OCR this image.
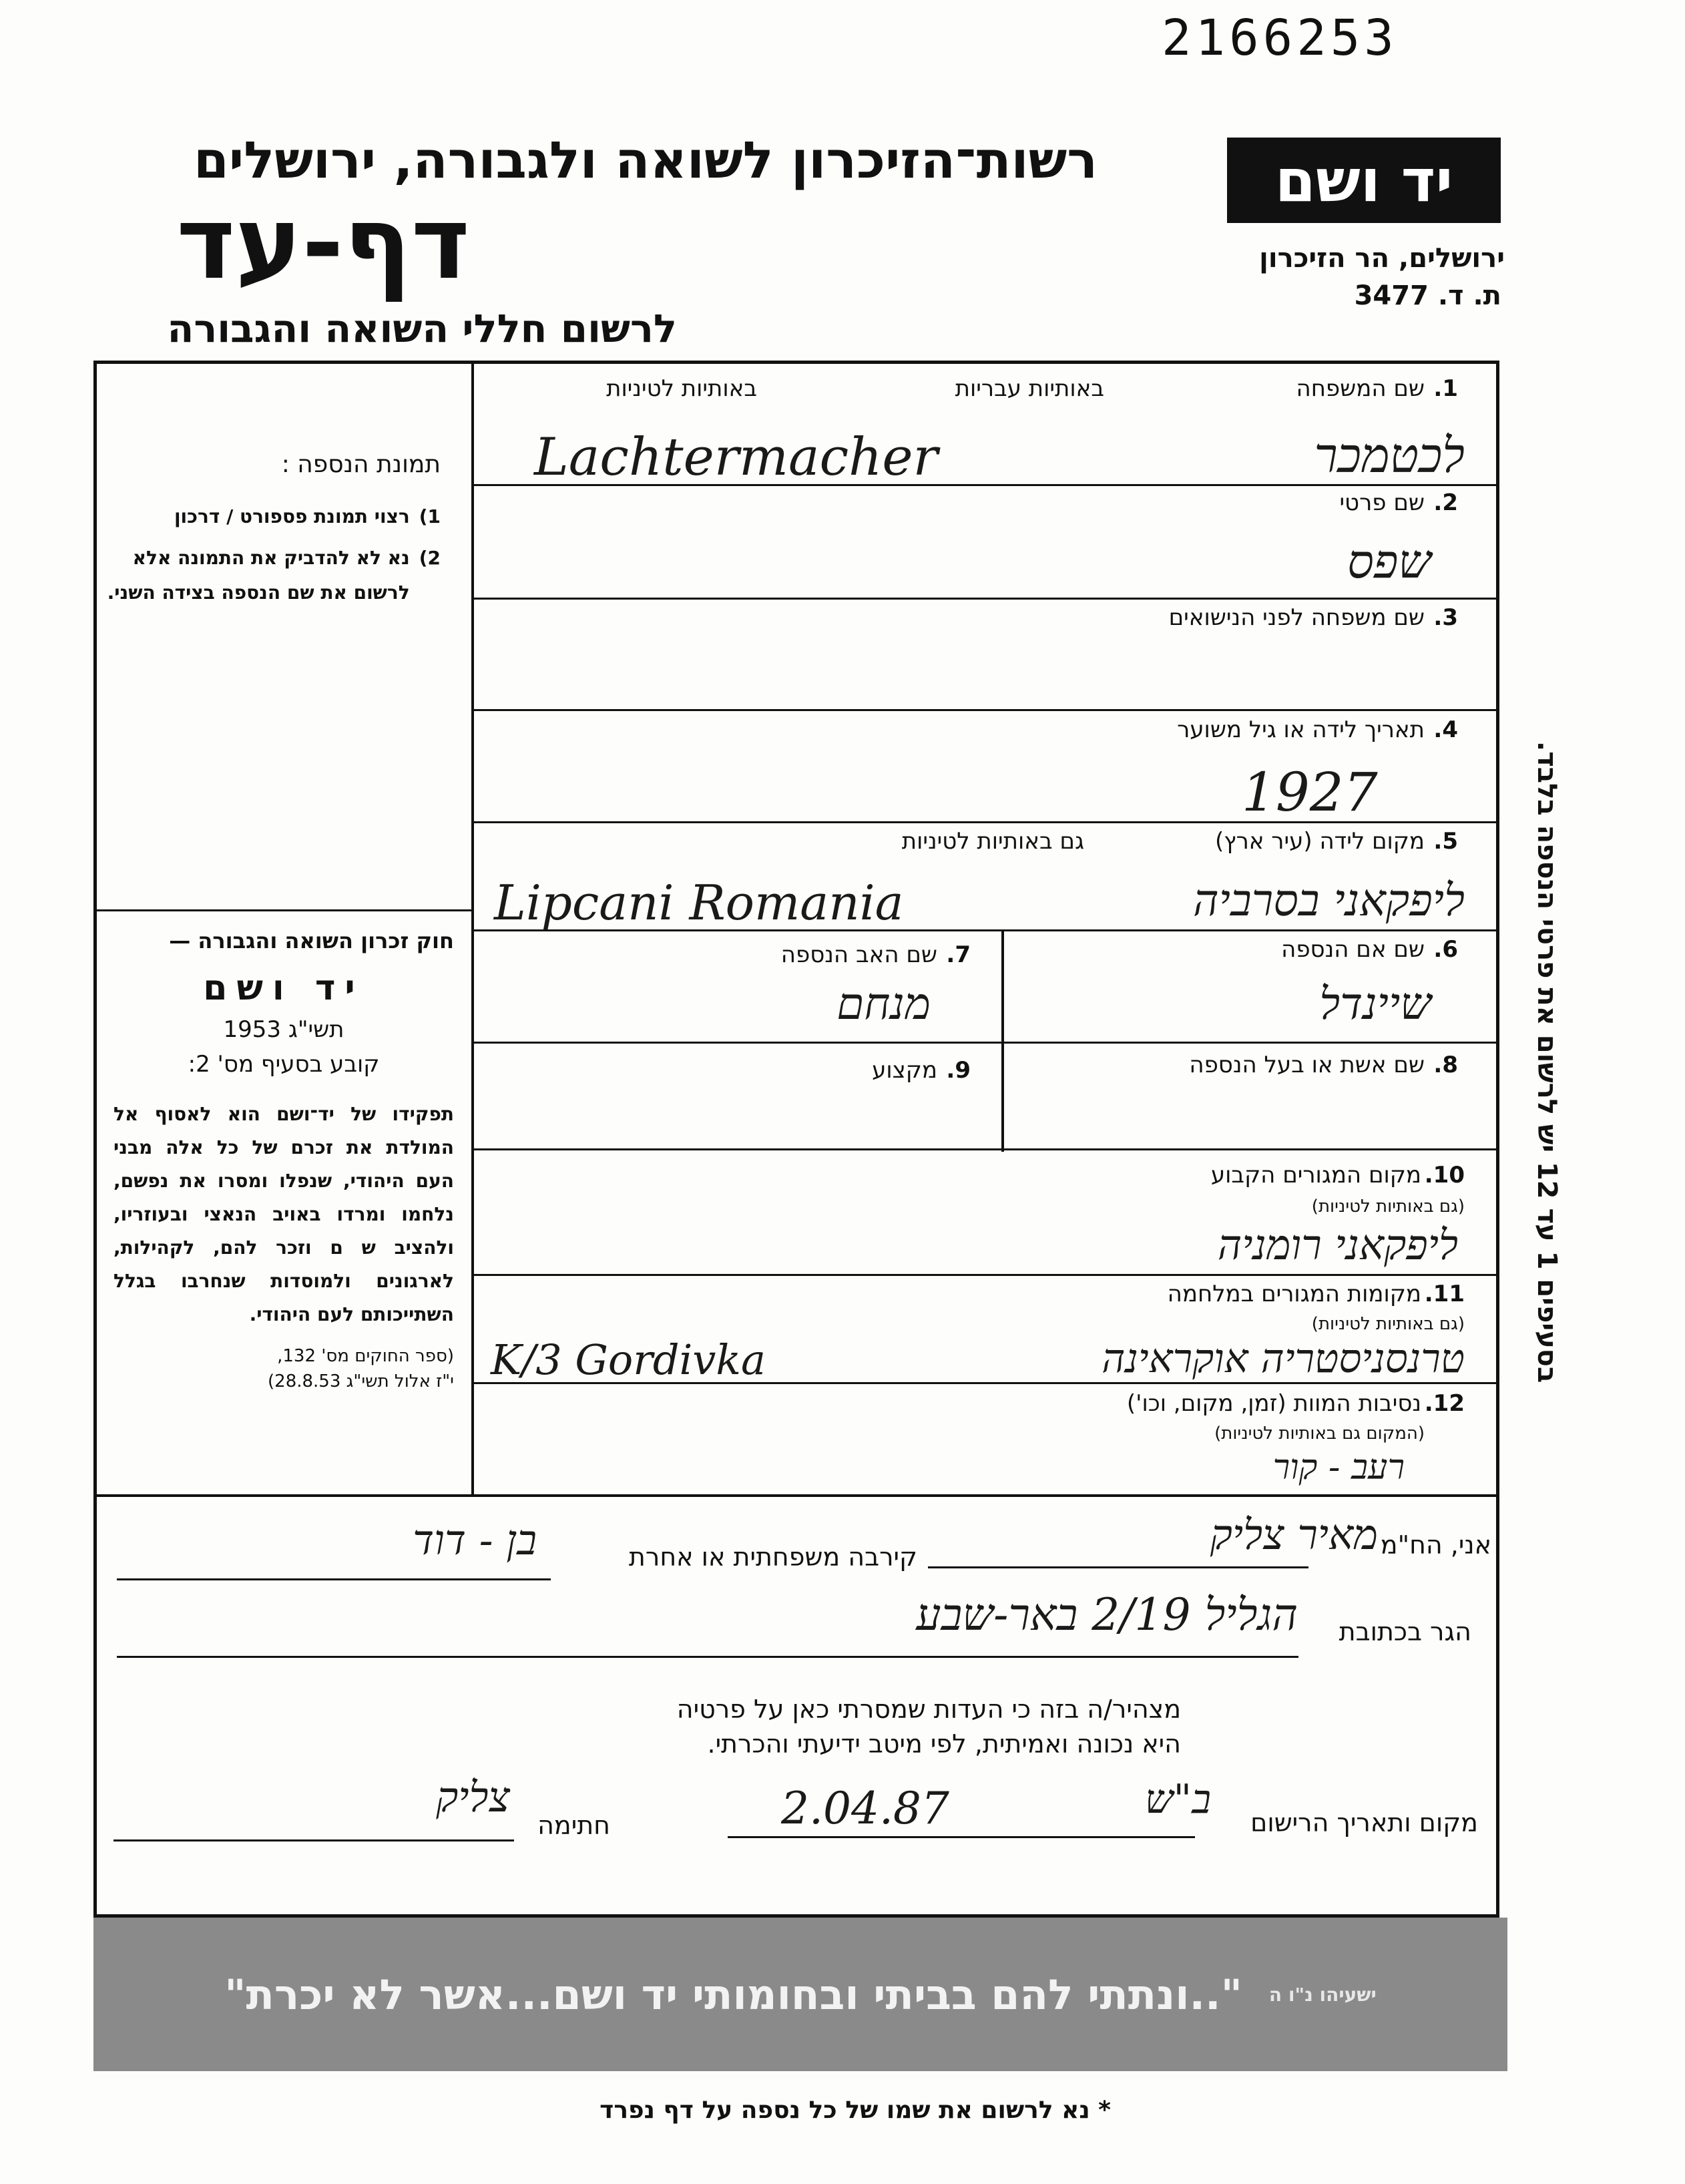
2166253
יד ושם
ירושלים, הר הזיכרון
ת. ד. 3477
רשות־הזיכרון לשואה ולגבורה, ירושלים
דף-עד
לרשום חללי השואה והגבורה
בסעיפים 1 עד 12 יש לרשום את פרטי הנספה בלבד.
תמונת הנספה :
1)
רצוי תמונת פספורט / דרכון
2)
נא לא להדביק את התמונה אלא לרשום את שם הנספה בצידה השני.
חוק זכרון השואה והגבורה —
יד ושם
תשי"ג 1953
קובע בסעיף מס' 2:
תפקידו של יד־ושם הוא לאסוף אל המולדת את זכרם של כל אלה מבני העם היהודי, שנפלו ומסרו את נפשם, נלחמו ומרדו באויב הנאצי ובעוזריו, ולהציב ש ם וזכר להם, לקהילות, לארגונים ולמוסדות שנחרבו בגלל השתייכותם לעם היהודי.
(ספר החוקים מס' 132,
י"ז אלול תשי"ג 28.8.53)
1.
שם המשפחה
באותיות עבריות
באותיות לטיניות
Lachtermacher	לכטמכר
2.
שם פרטי
שפס
3.
שם משפחה לפני הנישואים
4.
תאריך לידה או גיל משוער
1927
5.
מקום לידה (עיר ארץ)
גם באותיות לטיניות
Lipcani Romania	ליפקאני בסרביה
6.
שם אם הנספה
שיינדל
7.
שם האב הנספה
מנחם
8.
שם אשת או בעל הנספה
9.
מקצוע
10.
מקום המגורים הקבוע
(גם באותיות לטיניות)
ליפקאני רומניה
11.
מקומות המגורים במלחמה
(גם באותיות לטיניות)
K/3 Gordivka	טרנסניסטריה אוקראינה
12.
נסיבות המוות (זמן, מקום, וכו')
(המקום גם באותיות לטיניות)
רעב - קור
אני, הח"מ
מאיר צליק
קירבה משפחתית או אחרת
בן - דוד
הגר בכתובת
הגליל 2/19 באר-שבע
מצהיר/ה בזה כי העדות שמסרתי כאן על פרטיה
היא נכונה ואמיתית, לפי מיטב ידיעתי והכרתי.
מקום ותאריך הרישום
ב"ש
2.04.87
חתימה
צליק
ישעיהו נ"ו ה
"..ונתתי להם בביתי ובחומותי יד ושם...אשר לא יכרת"
* נא לרשום את שמו של כל נספה על דף נפרד
